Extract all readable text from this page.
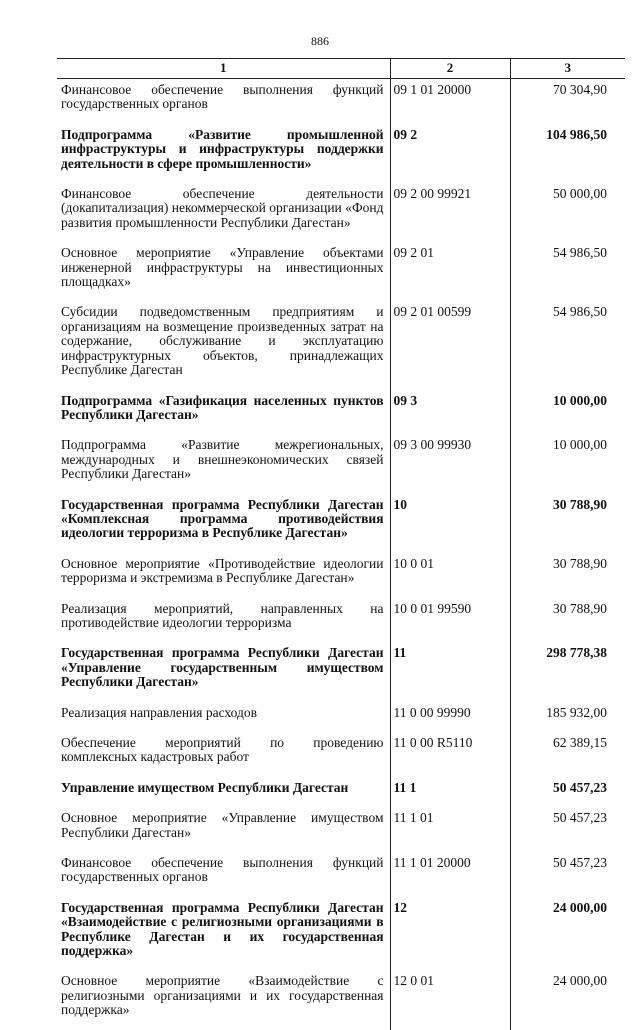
886
1	2	3
Финансовое обеспечение выполнения функций государственных органов	09 1 01 20000	70 304,90
Подпрограмма «Развитие промышленной инфраструктуры и инфраструктуры поддержки деятельности в сфере промышленности»	09 2	104 986,50
Финансовое обеспечение деятельности (докапитализация) некоммерческой организации «Фонд развития промышленности Республики Дагестан»	09 2 00 99921	50 000,00
Основное мероприятие «Управление объектами инженерной инфраструктуры на инвестиционных площадках»	09 2 01	54 986,50
Субсидии подведомственным предприятиям и организациям на возмещение произведенных затрат на содержание, обслуживание и эксплуатацию инфраструктурных объектов, принадлежащих Республике Дагестан	09 2 01 00599	54 986,50
Подпрограмма «Газификация населенных пунктов Республики Дагестан»	09 3	10 000,00
Подпрограмма «Развитие межрегиональных, международных и внешнеэкономических связей Республики Дагестан»	09 3 00 99930	10 000,00
Государственная программа Республики Дагестан «Комплексная программа противодействия идеологии терроризма в Республике Дагестан»	10	30 788,90
Основное мероприятие «Противодействие идеологии терроризма и экстремизма в Республике Дагестан»	10 0 01	30 788,90
Реализация мероприятий, направленных на противодействие идеологии терроризма	10 0 01 99590	30 788,90
Государственная программа Республики Дагестан «Управление государственным имуществом Республики Дагестан»	11	298 778,38
Реализация направления расходов	11 0 00 99990	185 932,00
Обеспечение мероприятий по проведению комплексных кадастровых работ	11 0 00 R5110	62 389,15
Управление имуществом Республики Дагестан	11 1	50 457,23
Основное мероприятие «Управление имуществом Республики Дагестан»	11 1 01	50 457,23
Финансовое обеспечение выполнения функций государственных органов	11 1 01 20000	50 457,23
Государственная программа Республики Дагестан «Взаимодействие с религиозными организациями в Республике Дагестан и их государственная поддержка»	12	24 000,00
Основное мероприятие «Взаимодействие с религиозными организациями и их государственная поддержка»	12 0 01	24 000,00
